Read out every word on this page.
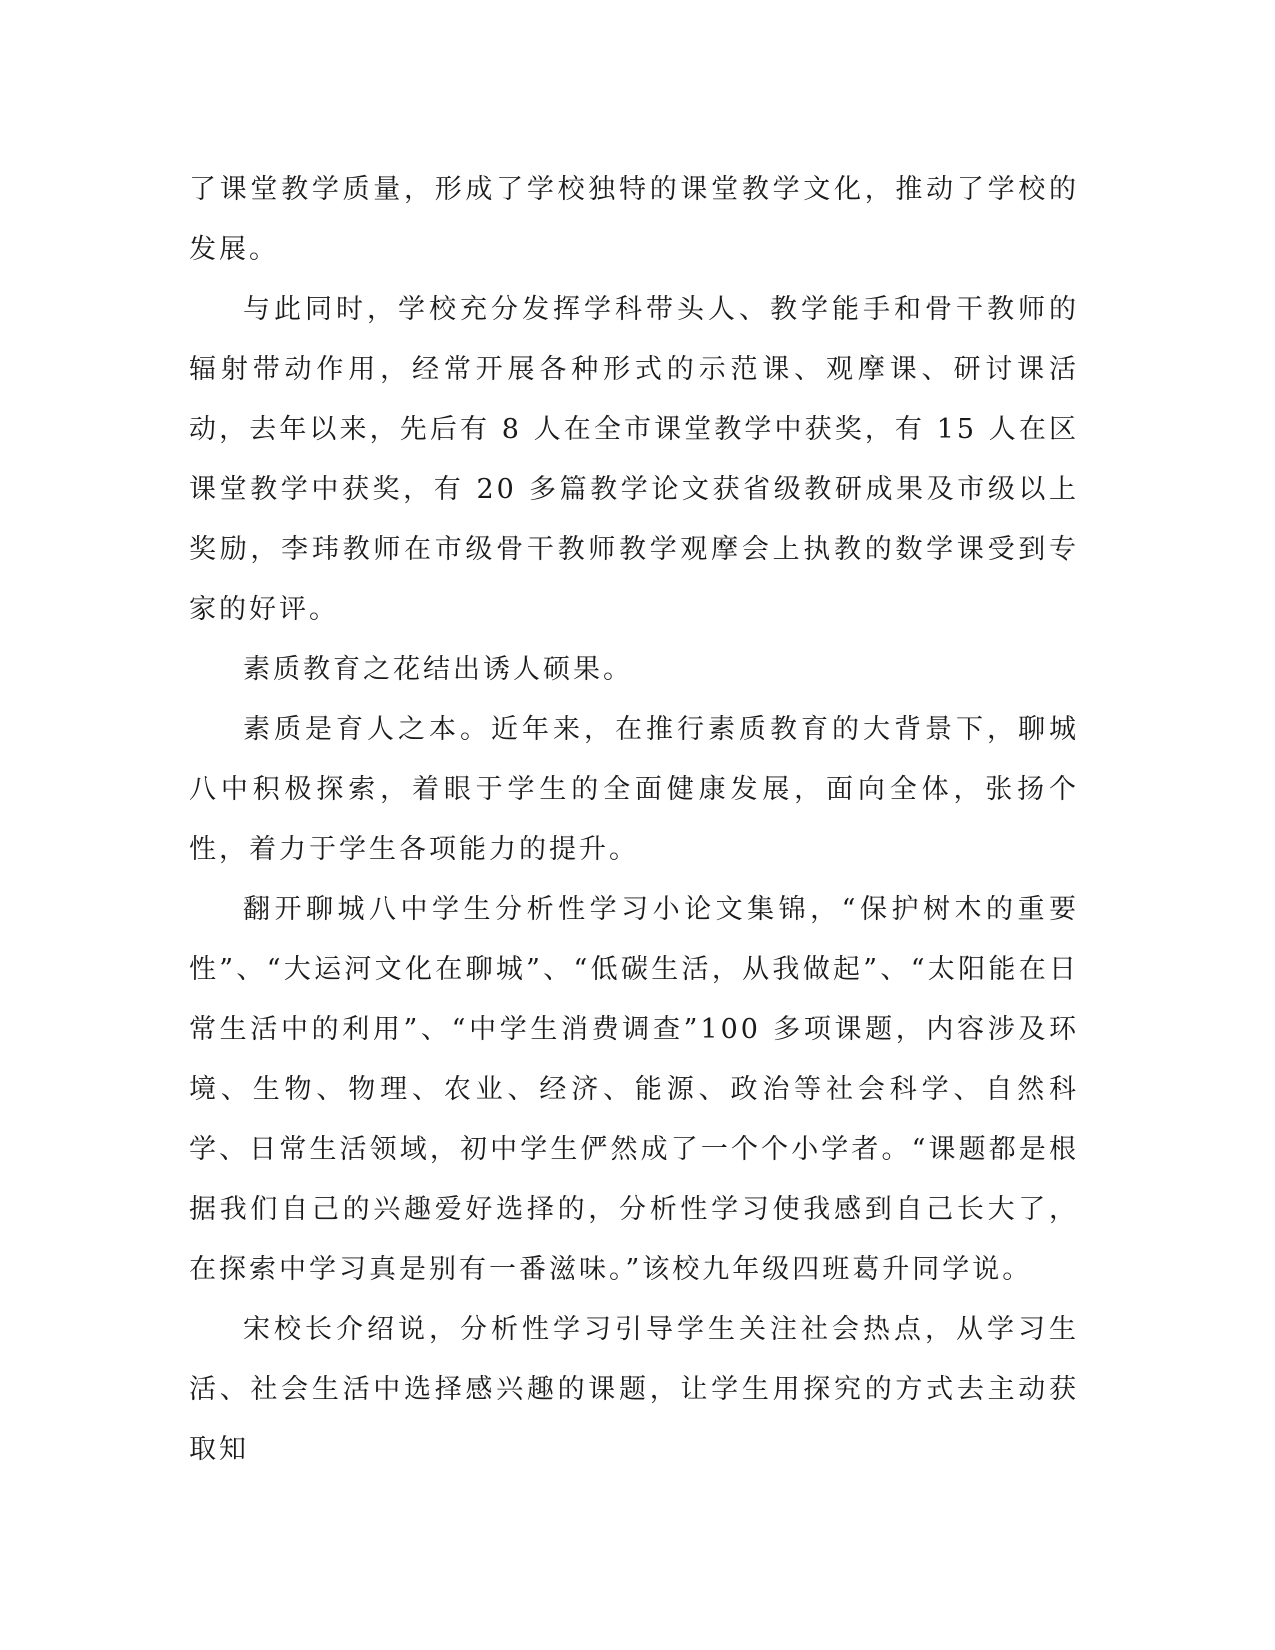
了课堂教学质量，形成了学校独特的课堂教学文化，推动了学校的发展。

与此同时，学校充分发挥学科带头人、教学能手和骨干教师的辐射带动作用，经常开展各种形式的示范课、观摩课、研讨课活动，去年以来，先后有 8 人在全市课堂教学中获奖，有 15 人在区课堂教学中获奖，有 20 多篇教学论文获省级教研成果及市级以上奖励，李玮教师在市级骨干教师教学观摩会上执教的数学课受到专家的好评。

素质教育之花结出诱人硕果。

素质是育人之本。近年来，在推行素质教育的大背景下，聊城八中积极探索，着眼于学生的全面健康发展，面向全体，张扬个性，着力于学生各项能力的提升。

翻开聊城八中学生分析性学习小论文集锦，“保护树木的重要性”、“大运河文化在聊城”、“低碳生活，从我做起”、“太阳能在日常生活中的利用”、“中学生消费调查”100 多项课题，内容涉及环境、生物、物理、农业、经济、能源、政治等社会科学、自然科学、日常生活领域，初中学生俨然成了一个个小学者。“课题都是根据我们自己的兴趣爱好选择的，分析性学习使我感到自己长大了，在探索中学习真是别有一番滋味。”该校九年级四班葛升同学说。

宋校长介绍说，分析性学习引导学生关注社会热点，从学习生活、社会生活中选择感兴趣的课题，让学生用探究的方式去主动获取知
